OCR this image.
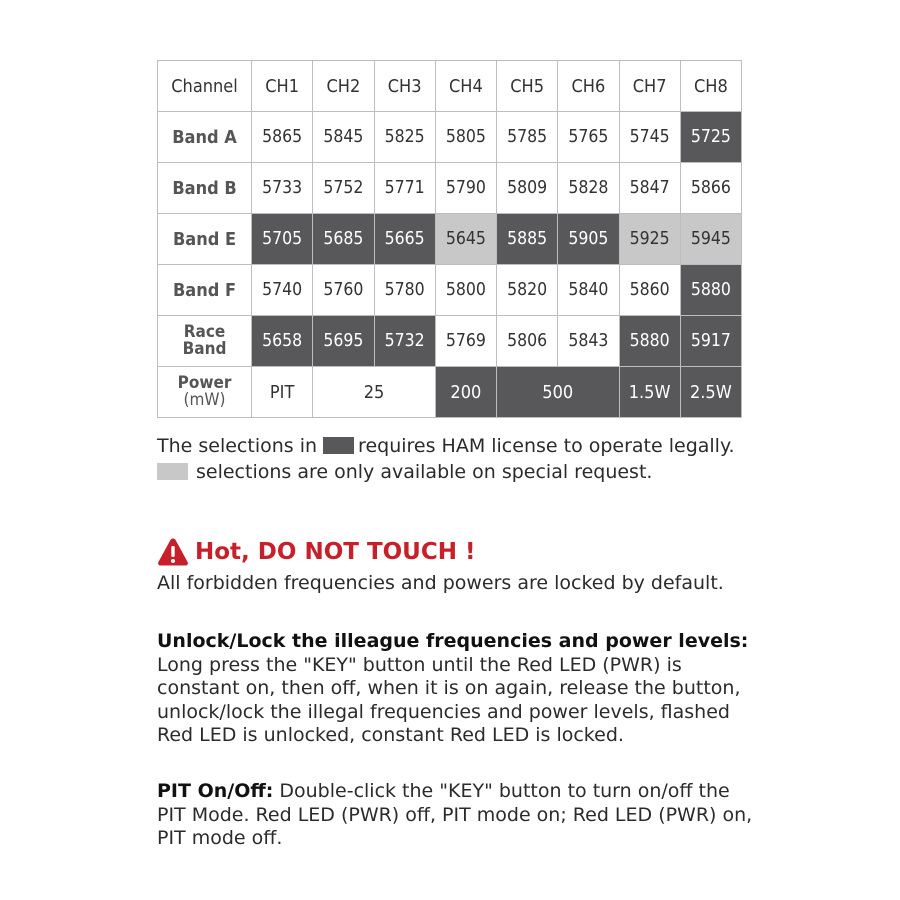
Channel	CH1	CH2	CH3	CH4	CH5	CH6	CH7	CH8
Band A	5865	5845	5825	5805	5785	5765	5745	5725
Band B	5733	5752	5771	5790	5809	5828	5847	5866
Band E	5705	5685	5665	5645	5885	5905	5925	5945
Band F	5740	5760	5780	5800	5820	5840	5860	5880
Race
Band	5658	5695	5732	5769	5806	5843	5880	5917
Power
(mW)	PIT	25		200	500		1.5W	2.5W
The selections in requires HAM license to operate legally.
selections are only available on special request.
Hot, DO NOT TOUCH !
All forbidden frequencies and powers are locked by default.

Unlock/Lock the illeague frequencies and power levels:

Long press the "KEY" button until the Red LED (PWR) is

constant on, then off, when it is on again, release the button,

unlock/lock the illegal frequencies and power levels, flashed

Red LED is unlocked, constant Red LED is locked.

PIT On/Off: Double-click the "KEY" button to turn on/off the

PIT Mode. Red LED (PWR) off, PIT mode on; Red LED (PWR) on,

PIT mode off.
